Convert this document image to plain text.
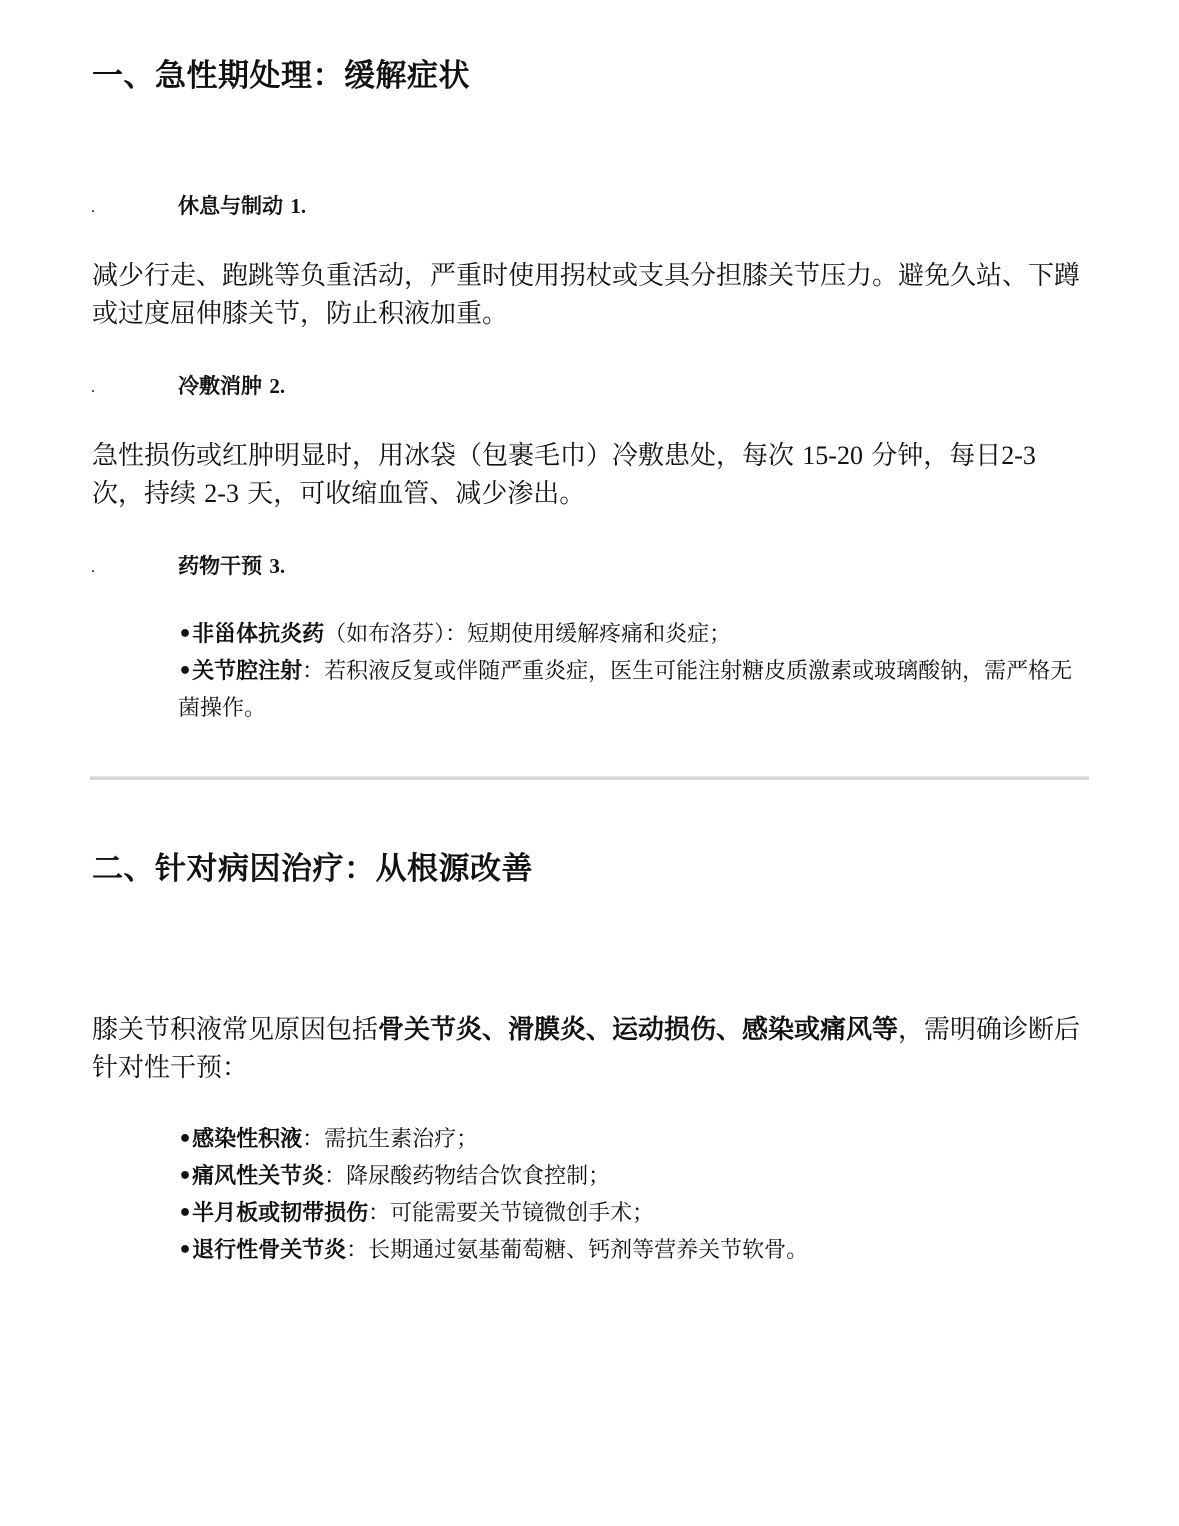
一、急性期处理：缓解症状
.	休息与制动 1.

减少行走、跑跳等负重活动，严重时使用拐杖或支具分担膝关节压力。避免久站、下蹲或过度屈伸膝关节，防止积液加重。

.	冷敷消肿 2.

急性损伤或红肿明显时，用冰袋（包裹毛巾）冷敷患处，每次 15-20 分钟，每日2-3 次，持续 2-3 天，可收缩血管、减少渗出。

.	药物干预 3.
•非甾体抗炎药（如布洛芬）：短期使用缓解疼痛和炎症；
•关节腔注射：若积液反复或伴随严重炎症，医生可能注射糖皮质激素或玻璃酸钠，需严格无菌操作。
二、针对病因治疗：从根源改善

膝关节积液常见原因包括骨关节炎、滑膜炎、运动损伤、感染或痛风等，需明确诊断后针对性干预：

•感染性积液：需抗生素治疗；
•痛风性关节炎：降尿酸药物结合饮食控制；
•半月板或韧带损伤：可能需要关节镜微创手术；
•退行性骨关节炎：长期通过氨基葡萄糖、钙剂等营养关节软骨。
